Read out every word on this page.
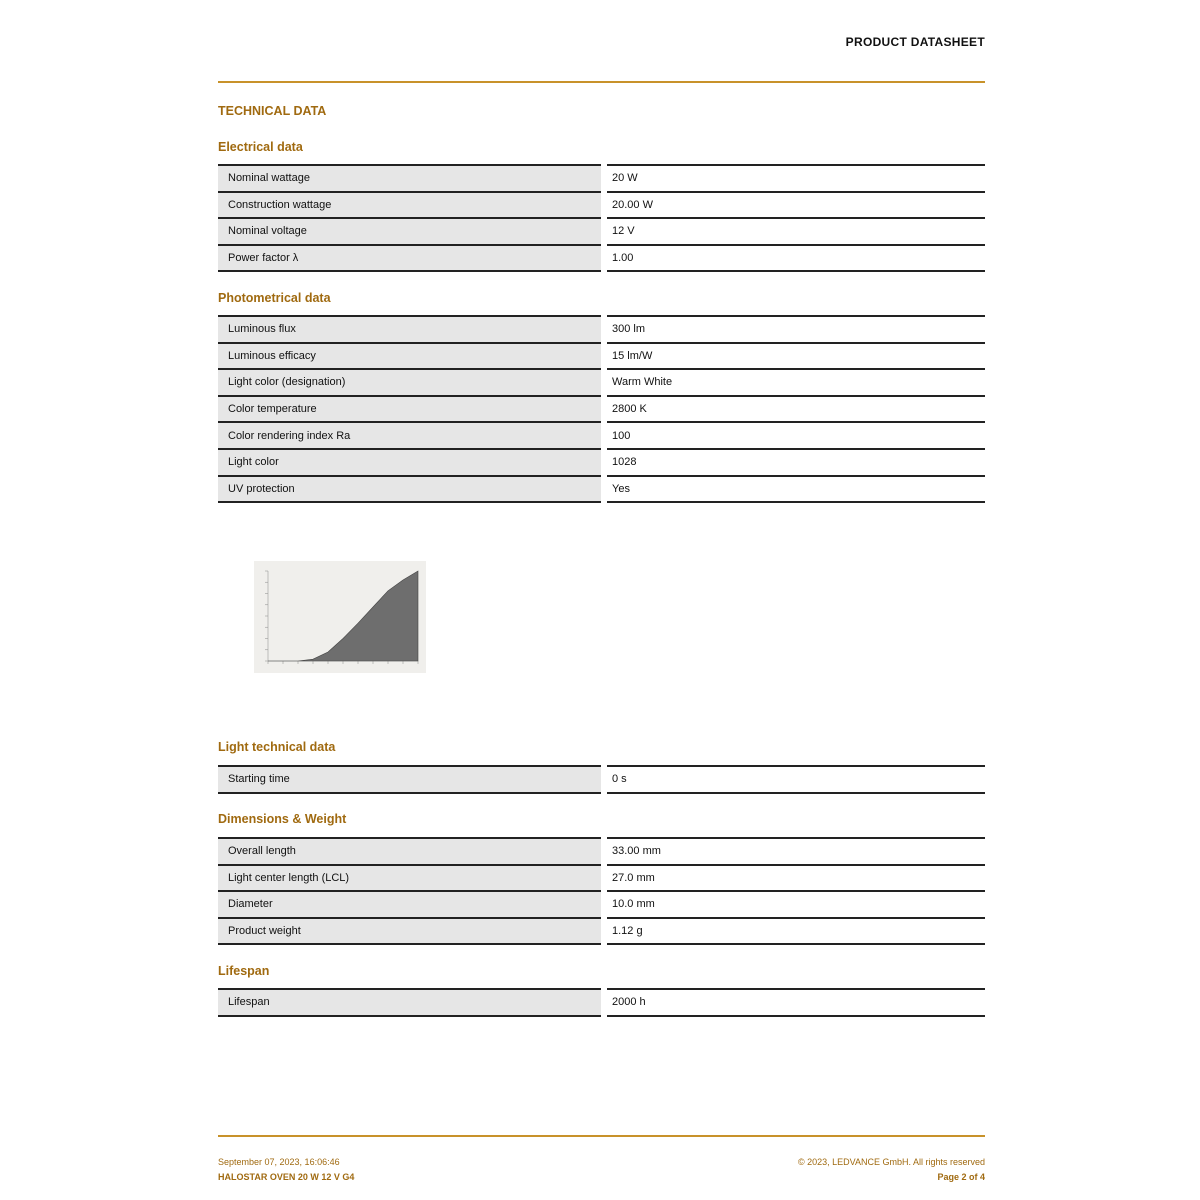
PRODUCT DATASHEET
TECHNICAL DATA
Electrical data
Nominal wattage	20 W
Construction wattage	20.00 W
Nominal voltage	12 V
Power factor λ	1.00
Photometrical data
Luminous flux	300 lm
Luminous efficacy	15 lm/W
Light color (designation)	Warm White
Color temperature	2800 K
Color rendering index Ra	100
Light color	1028
UV protection	Yes
Light technical data
Starting time	0 s
Dimensions & Weight
Overall length	33.00 mm
Light center length (LCL)	27.0 mm
Diameter	10.0 mm
Product weight	1.12 g
Lifespan
Lifespan	2000 h
September 07, 2023, 16:06:46
HALOSTAR OVEN 20 W 12 V G4
© 2023, LEDVANCE GmbH. All rights reserved
Page 2 of 4
